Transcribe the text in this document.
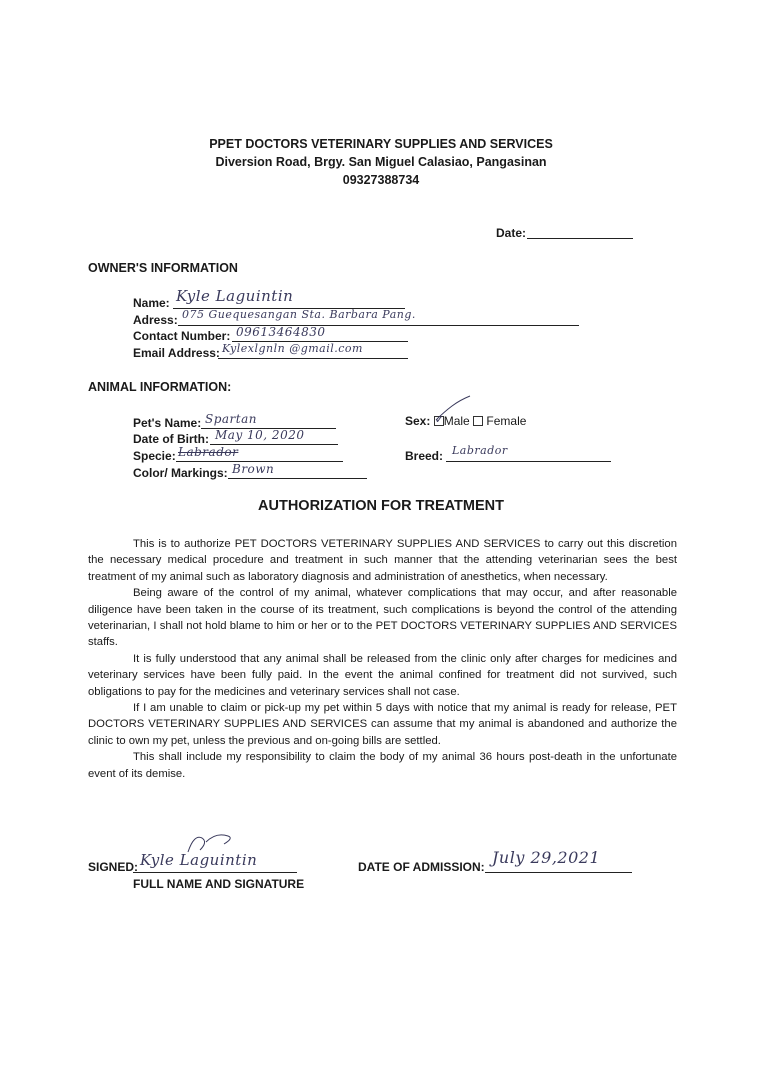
PPET DOCTORS VETERINARY SUPPLIES AND SERVICES
Diversion Road, Brgy. San Miguel Calasiao, Pangasinan
09327388734
Date:
OWNER'S INFORMATION
Name: Kyle Laguintin
Adress: 075 Guequesangan Sta. Barbara Pang.
Contact Number: 09613464830
Email Address: Kylexlgnln @gmail.com
ANIMAL INFORMATION:
Pet's Name: Spartan
Date of Birth: May 10, 2020
Specie: Labrador
Color/ Markings: Brown
Sex: ✓ Male Female
Breed: Labrador
AUTHORIZATION FOR TREATMENT

This is to authorize PET DOCTORS VETERINARY SUPPLIES AND SERVICES to carry out this discretion the necessary medical procedure and treatment in such manner that the attending veterinarian sees the best treatment of my animal such as laboratory diagnosis and administration of anesthetics, when necessary.

Being aware of the control of my animal, whatever complications that may occur, and after reasonable diligence have been taken in the course of its treatment, such complications is beyond the control of the attending veterinarian, I shall not hold blame to him or her or to the PET DOCTORS VETERINARY SUPPLIES AND SERVICES staffs.

It is fully understood that any animal shall be released from the clinic only after charges for medicines and veterinary services have been fully paid. In the event the animal confined for treatment did not survived, such obligations to pay for the medicines and veterinary services shall not case.

If I am unable to claim or pick-up my pet within 5 days with notice that my animal is ready for release, PET DOCTORS VETERINARY SUPPLIES AND SERVICES can assume that my animal is abandoned and authorize the clinic to own my pet, unless the previous and on-going bills are settled.

This shall include my responsibility to claim the body of my animal 36 hours post-death in the unfortunate event of its demise.

SIGNED: Kyle Laguintin
FULL NAME AND SIGNATURE
DATE OF ADMISSION: July 29,2021
